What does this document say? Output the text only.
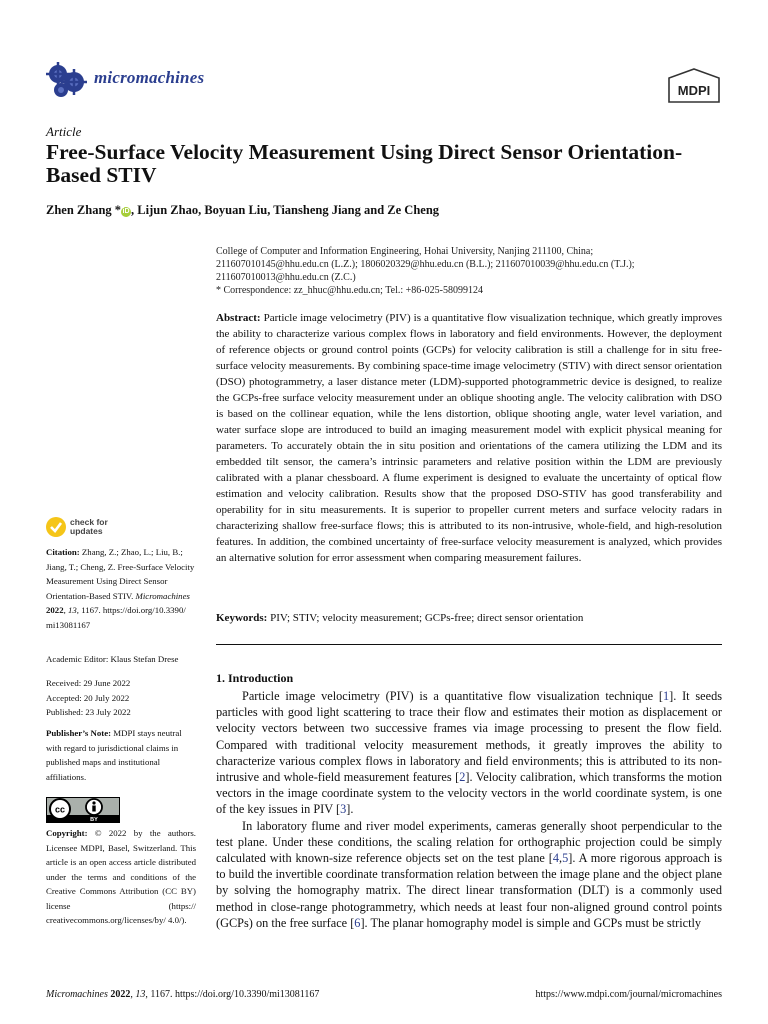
micromachines
MDPI
Article
Free-Surface Velocity Measurement Using Direct Sensor Orientation-Based STIV
Zhen Zhang * iD , Lijun Zhao, Boyuan Liu, Tiansheng Jiang and Ze Cheng
College of Computer and Information Engineering, Hohai University, Nanjing 211100, China;
211607010145@hhu.edu.cn (L.Z.); 1806020329@hhu.edu.cn (B.L.); 211607010039@hhu.edu.cn (T.J.);
211607010013@hhu.edu.cn (Z.C.)
* Correspondence: zz_hhuc@hhu.edu.cn; Tel.: +86-025-58099124
Abstract: Particle image velocimetry (PIV) is a quantitative flow visualization technique, which greatly improves the ability to characterize various complex flows in laboratory and field environments. However, the deployment of reference objects or ground control points (GCPs) for velocity calibration is still a challenge for in situ free-surface velocity measurements. By combining space-time image velocimetry (STIV) with direct sensor orientation (DSO) photogrammetry, a laser distance meter (LDM)-supported photogrammetric device is designed, to realize the GCPs-free surface velocity measurement under an oblique shooting angle. The velocity calibration with DSO is based on the collinear equation, while the lens distortion, oblique shooting angle, water level variation, and water surface slope are introduced to build an imaging measurement model with explicit physical meaning for parameters. To accurately obtain the in situ position and orientations of the camera utilizing the LDM and its embedded tilt sensor, the camera’s intrinsic parameters and relative position within the LDM are previously calibrated with a planar chessboard. A flume experiment is designed to evaluate the uncertainty of optical flow estimation and velocity calibration. Results show that the proposed DSO-STIV has good transferability and operability for in situ measurements. It is superior to propeller current meters and surface velocity radars in characterizing shallow free-surface flows; this is attributed to its non-intrusive, whole-field, and high-resolution features. In addition, the combined uncertainty of free-surface velocity measurement is analyzed, which provides an alternative solution for error assessment when comparing measurement failures.
Keywords: PIV; STIV; velocity measurement; GCPs-free; direct sensor orientation
1. Introduction

Particle image velocimetry (PIV) is a quantitative flow visualization technique [1]. It seeds particles with good light scattering to trace their flow and estimates their motion as displacement or velocity vectors between two successive frames via image processing to present the flow field. Compared with traditional velocity measurement methods, it greatly improves the ability to characterize various complex flows in laboratory and field environments; this is attributed to its non-intrusive and whole-field measurement features [2]. Velocity calibration, which transforms the motion vectors in the image coordinate system to the velocity vectors in the world coordinate system, is one of the key issues in PIV [3].

In laboratory flume and river model experiments, cameras generally shoot perpendicular to the test plane. Under these conditions, the scaling relation for orthographic projection could be simply calculated with known-size reference objects set on the test plane [4,5]. A more rigorous approach is to build the invertible coordinate transformation relation between the image plane and the object plane by solving the homography matrix. The direct linear transformation (DLT) is a commonly used method in close-range photogrammetry, which needs at least four non-aligned ground control points (GCPs) on the free surface [6]. The planar homography model is simple and GCPs must be strictly

check for
updates
Citation: Zhang, Z.; Zhao, L.; Liu, B.; Jiang, T.; Cheng, Z. Free-Surface Velocity Measurement Using Direct Sensor Orientation-Based STIV. Micromachines 2022, 13, 1167. https://doi.org/10.3390/ mi13081167
Academic Editor: Klaus Stefan Drese
Received: 29 June 2022
Accepted: 20 July 2022
Published: 23 July 2022
Publisher’s Note: MDPI stays neutral with regard to jurisdictional claims in published maps and institutional affiliations.
cc
BY
Copyright: © 2022 by the authors. Licensee MDPI, Basel, Switzerland. This article is an open access article distributed under the terms and conditions of the Creative Commons Attribution (CC BY) license (https:// creativecommons.org/licenses/by/ 4.0/).
Micromachines 2022, 13, 1167. https://doi.org/10.3390/mi13081167	https://www.mdpi.com/journal/micromachines
